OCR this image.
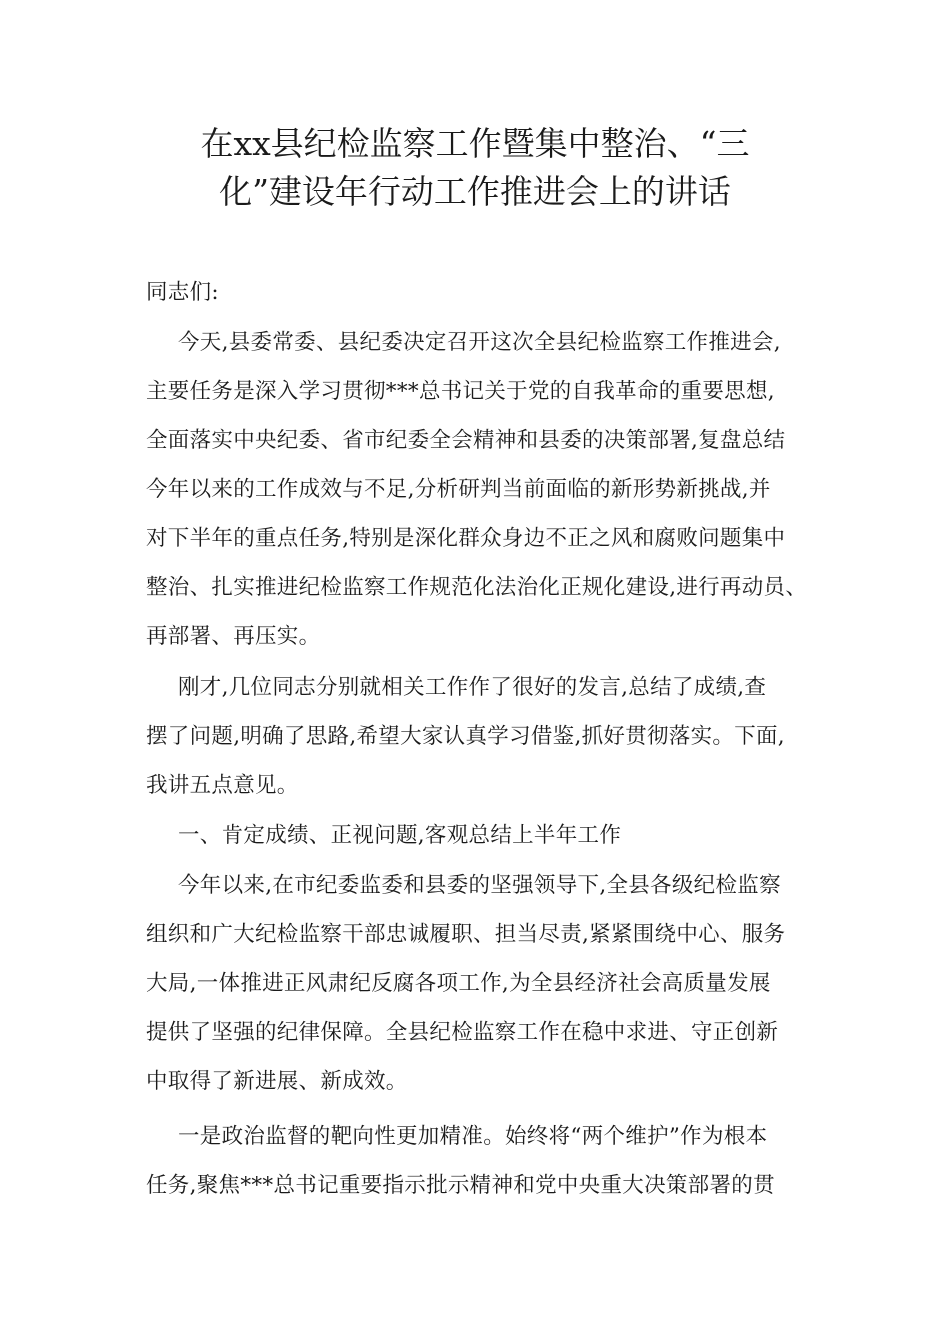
在xx县纪检监察工作暨集中整治、“三
化”建设年行动工作推进会上的讲话
同志们:
今天,县委常委、县纪委决定召开这次全县纪检监察工作推进会,
主要任务是深入学习贯彻***总书记关于党的自我革命的重要思想,
全面落实中央纪委、省市纪委全会精神和县委的决策部署,复盘总结
今年以来的工作成效与不足,分析研判当前面临的新形势新挑战,并
对下半年的重点任务,特别是深化群众身边不正之风和腐败问题集中
整治、扎实推进纪检监察工作规范化法治化正规化建设,进行再动员、
再部署、再压实。
刚才,几位同志分别就相关工作作了很好的发言,总结了成绩,查
摆了问题,明确了思路,希望大家认真学习借鉴,抓好贯彻落实。下面,
我讲五点意见。
一、肯定成绩、正视问题,客观总结上半年工作
今年以来,在市纪委监委和县委的坚强领导下,全县各级纪检监察
组织和广大纪检监察干部忠诚履职、担当尽责,紧紧围绕中心、服务
大局,一体推进正风肃纪反腐各项工作,为全县经济社会高质量发展
提供了坚强的纪律保障。全县纪检监察工作在稳中求进、守正创新
中取得了新进展、新成效。
一是政治监督的靶向性更加精准。始终将“两个维护”作为根本
任务,聚焦***总书记重要指示批示精神和党中央重大决策部署的贯
